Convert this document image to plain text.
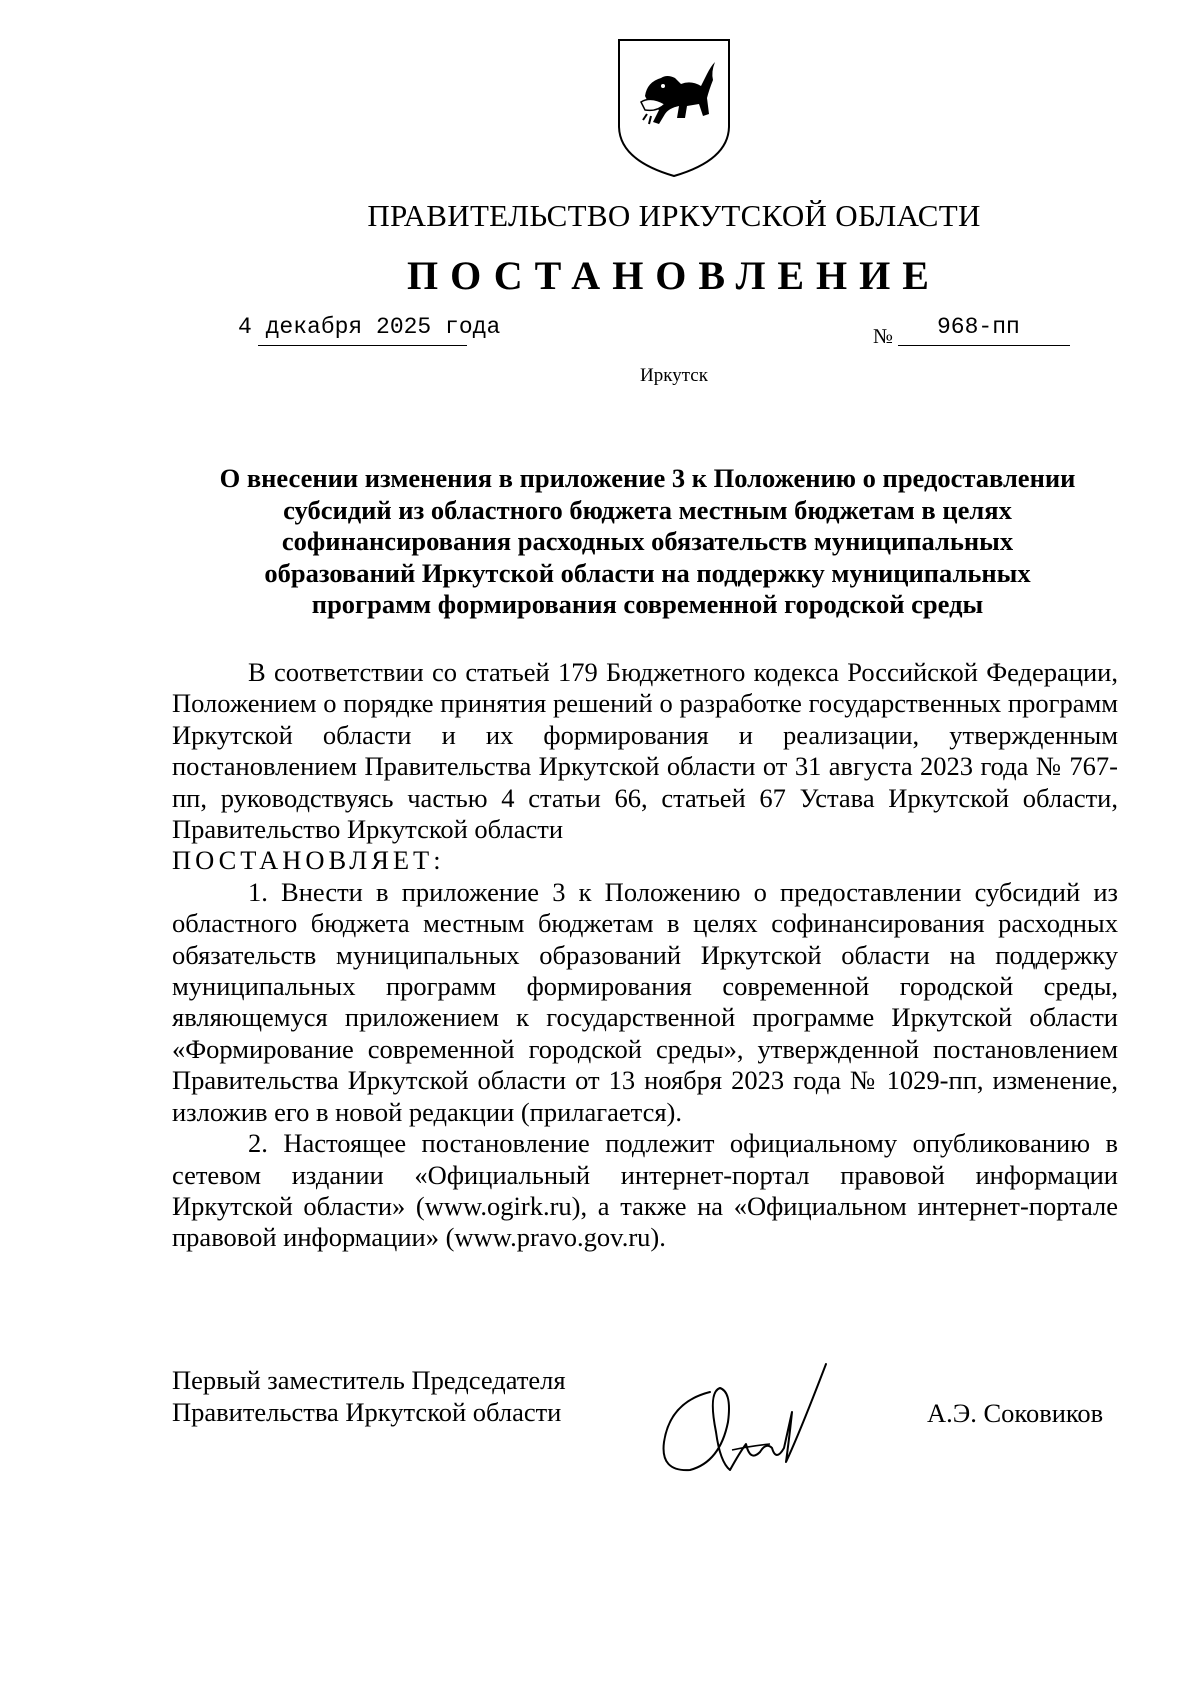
ПРАВИТЕЛЬСТВО ИРКУТСКОЙ ОБЛАСТИ
ПОСТАНОВЛЕНИЕ
4 декабря 2025 года	№ 968-пп
Иркутск
О внесении изменения в приложение 3 к Положению о предоставлении
субсидий из областного бюджета местным бюджетам в целях
софинансирования расходных обязательств муниципальных
образований Иркутской области на поддержку муниципальных
программ формирования современной городской среды

В соответствии со статьей 179 Бюджетного кодекса Российской Федерации, Положением о порядке принятия решений о разработке государственных программ Иркутской области и их формирования и реализации, утвержденным постановлением Правительства Иркутской области от 31 августа 2023 года № 767-пп, руководствуясь частью 4 статьи 66, статьей 67 Устава Иркутской области, Правительство Иркутской области

ПОСТАНОВЛЯЕТ:

1. Внести в приложение 3 к Положению о предоставлении субсидий из областного бюджета местным бюджетам в целях софинансирования расходных обязательств муниципальных образований Иркутской области на поддержку муниципальных программ формирования современной городской среды, являющемуся приложением к государственной программе Иркутской области «Формирование современной городской среды», утвержденной постановлением Правительства Иркутской области от 13 ноября 2023 года № 1029-пп, изменение, изложив его в новой редакции (прилагается).

2. Настоящее постановление подлежит официальному опубликованию в сетевом издании «Официальный интернет-портал правовой информации Иркутской области» (www.ogirk.ru), а также на «Официальном интернет-портале правовой информации» (www.pravo.gov.ru).

Первый заместитель Председателя
Правительства Иркутской области	А.Э. Соковиков
